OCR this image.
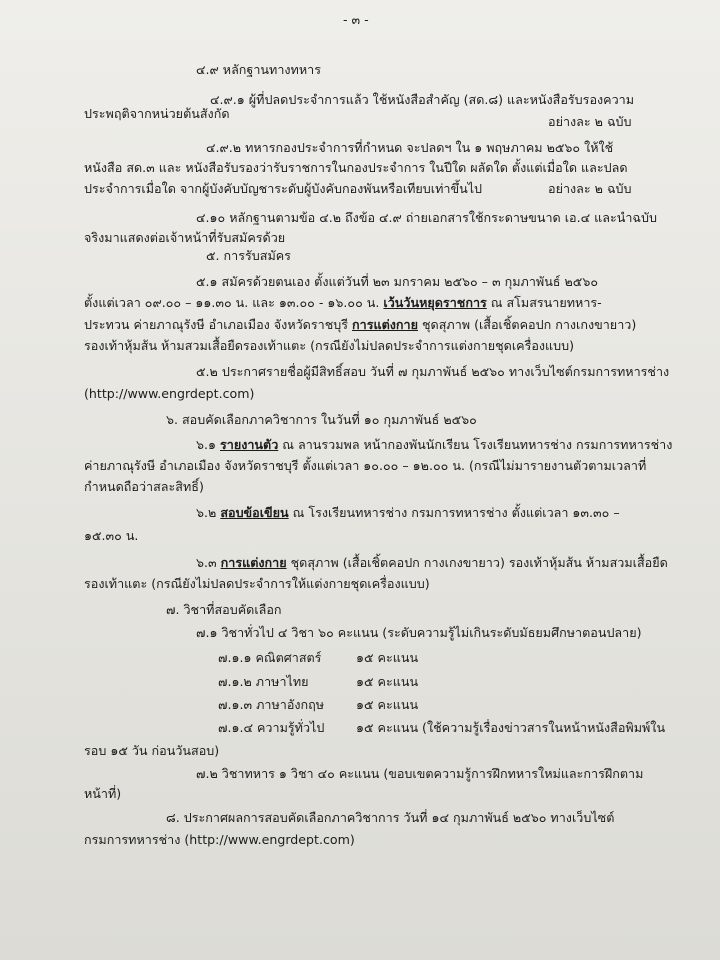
- ๓ -
๔.๙ หลักฐานทางทหาร
๔.๙.๑ ผู้ที่ปลดประจำการแล้ว ใช้หนังสือสำคัญ (สด.๘) และหนังสือรับรองความ
ประพฤติจากหน่วยต้นสังกัด
อย่างละ ๒ ฉบับ
๔.๙.๒ ทหารกองประจำการที่กำหนด จะปลดฯ ใน ๑ พฤษภาคม ๒๕๖๐ ให้ใช้
หนังสือ สด.๓ และ หนังสือรับรองว่ารับราชการในกองประจำการ ในปีใด ผลัดใด ตั้งแต่เมื่อใด และปลด
ประจำการเมื่อใด จากผู้บังคับบัญชาระดับผู้บังคับกองพันหรือเทียบเท่าขึ้นไป	อย่างละ ๒ ฉบับ
๔.๑๐ หลักฐานตามข้อ ๔.๒ ถึงข้อ ๔.๙ ถ่ายเอกสารใช้กระดาษขนาด เอ.๔ และนำฉบับ
จริงมาแสดงต่อเจ้าหน้าที่รับสมัครด้วย
๕. การรับสมัคร
๕.๑ สมัครด้วยตนเอง ตั้งแต่วันที่ ๒๓ มกราคม ๒๕๖๐ – ๓ กุมภาพันธ์ ๒๕๖๐
ตั้งแต่เวลา ๐๙.๐๐ – ๑๑.๓๐ น. และ ๑๓.๐๐ - ๑๖.๐๐ น. เว้นวันหยุดราชการ ณ สโมสรนายทหาร-
ประทวน ค่ายภาณุรังษี อำเภอเมือง จังหวัดราชบุรี การแต่งกาย ชุดสุภาพ (เสื้อเชิ้ตคอปก กางเกงขายาว)
รองเท้าหุ้มส้น ห้ามสวมเสื้อยืดรองเท้าแตะ (กรณียังไม่ปลดประจำการแต่งกายชุดเครื่องแบบ)
๕.๒ ประกาศรายชื่อผู้มีสิทธิ์สอบ วันที่ ๗ กุมภาพันธ์ ๒๕๖๐ ทางเว็บไซต์กรมการทหารช่าง
(http://www.engrdept.com)
๖. สอบคัดเลือกภาควิชาการ ในวันที่ ๑๐ กุมภาพันธ์ ๒๕๖๐
๖.๑ รายงานตัว ณ ลานรวมพล หน้ากองพันนักเรียน โรงเรียนทหารช่าง กรมการทหารช่าง
ค่ายภาณุรังษี อำเภอเมือง จังหวัดราชบุรี ตั้งแต่เวลา ๑๐.๐๐ – ๑๒.๐๐ น. (กรณีไม่มารายงานตัวตามเวลาที่
กำหนดถือว่าสละสิทธิ์)
๖.๒ สอบข้อเขียน ณ โรงเรียนทหารช่าง กรมการทหารช่าง ตั้งแต่เวลา ๑๓.๓๐ –
๑๕.๓๐ น.
๖.๓ การแต่งกาย ชุดสุภาพ (เสื้อเชิ้ตคอปก กางเกงขายาว) รองเท้าหุ้มส้น ห้ามสวมเสื้อยืด
รองเท้าแตะ (กรณียังไม่ปลดประจำการให้แต่งกายชุดเครื่องแบบ)
๗. วิชาที่สอบคัดเลือก
๗.๑ วิชาทั่วไป ๔ วิชา ๖๐ คะแนน (ระดับความรู้ไม่เกินระดับมัธยมศึกษาตอนปลาย)
๗.๑.๑ คณิตศาสตร์	๑๕ คะแนน
๗.๑.๒ ภาษาไทย	๑๕ คะแนน
๗.๑.๓ ภาษาอังกฤษ	๑๕ คะแนน
๗.๑.๔ ความรู้ทั่วไป	๑๕ คะแนน (ใช้ความรู้เรื่องข่าวสารในหน้าหนังสือพิมพ์ใน
รอบ ๑๕ วัน ก่อนวันสอบ)
๗.๒ วิชาทหาร ๑ วิชา ๔๐ คะแนน (ขอบเขตความรู้การฝึกทหารใหม่และการฝึกตาม
หน้าที่)
๘. ประกาศผลการสอบคัดเลือกภาควิชาการ วันที่ ๑๔ กุมภาพันธ์ ๒๕๖๐ ทางเว็บไซต์
กรมการทหารช่าง (http://www.engrdept.com)
